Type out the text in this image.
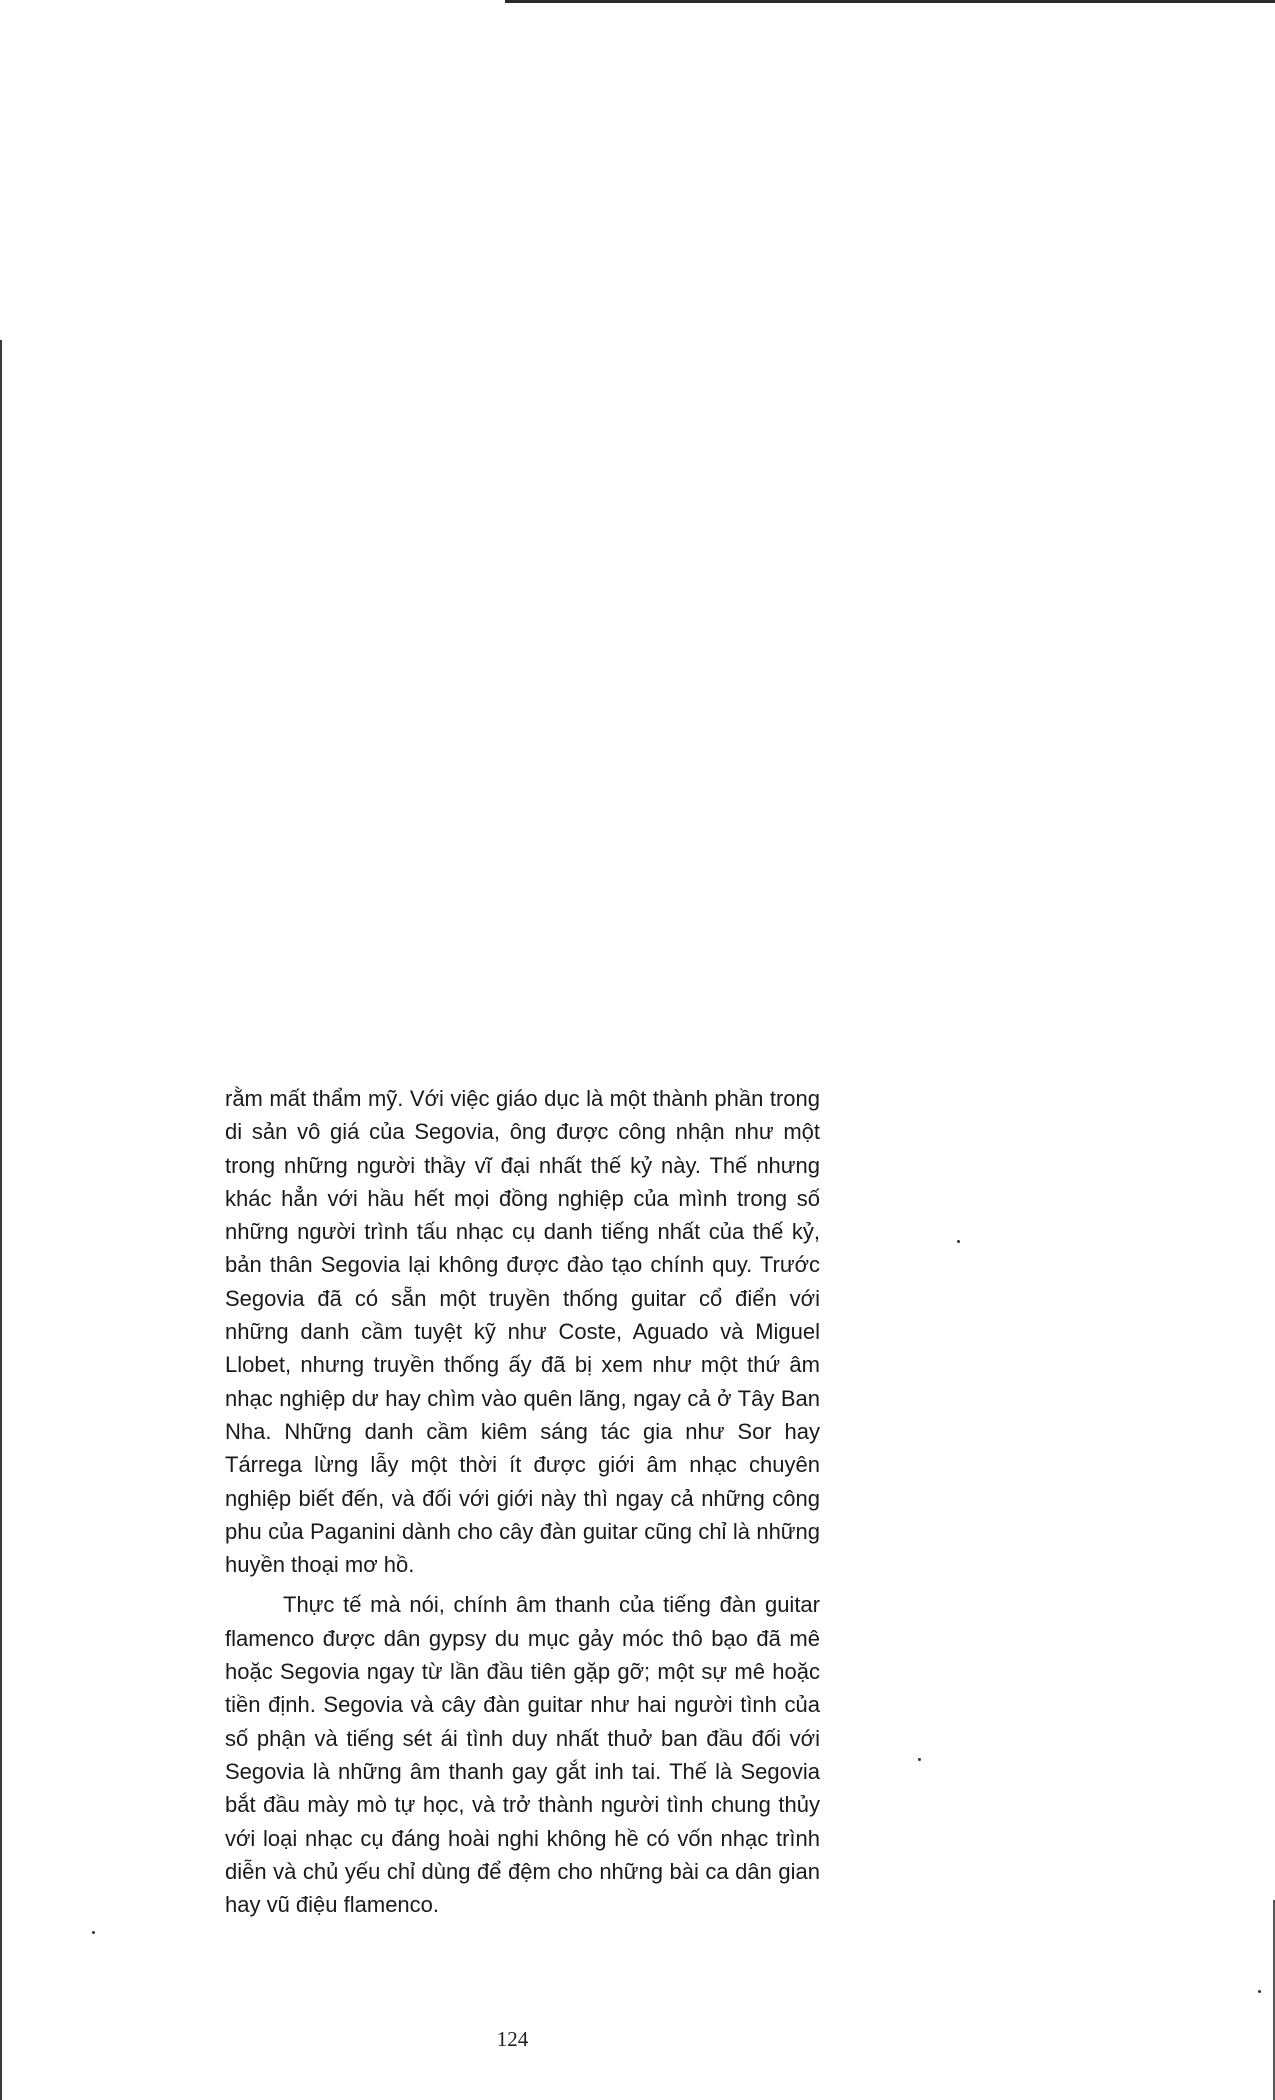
rằm mất thẩm mỹ. Với việc giáo dục là một thành phần trong di sản vô giá của Segovia, ông được công nhận như một trong những người thầy vĩ đại nhất thế kỷ này. Thế nhưng khác hẳn với hầu hết mọi đồng nghiệp của mình trong số những người trình tấu nhạc cụ danh tiếng nhất của thế kỷ, bản thân Segovia lại không được đào tạo chính quy. Trước Segovia đã có sẵn một truyền thống guitar cổ điển với những danh cầm tuyệt kỹ như Coste, Aguado và Miguel Llobet, nhưng truyền thống ấy đã bị xem như một thứ âm nhạc nghiệp dư hay chìm vào quên lãng, ngay cả ở Tây Ban Nha. Những danh cầm kiêm sáng tác gia như Sor hay Tárrega lừng lẫy một thời ít được giới âm nhạc chuyên nghiệp biết đến, và đối với giới này thì ngay cả những công phu của Paganini dành cho cây đàn guitar cũng chỉ là những huyền thoại mơ hồ.

Thực tế mà nói, chính âm thanh của tiếng đàn guitar flamenco được dân gypsy du mục gảy móc thô bạo đã mê hoặc Segovia ngay từ lần đầu tiên gặp gỡ; một sự mê hoặc tiền định. Segovia và cây đàn guitar như hai người tình của số phận và tiếng sét ái tình duy nhất thuở ban đầu đối với Segovia là những âm thanh gay gắt inh tai. Thế là Segovia bắt đầu mày mò tự học, và trở thành người tình chung thủy với loại nhạc cụ đáng hoài nghi không hề có vốn nhạc trình diễn và chủ yếu chỉ dùng để đệm cho những bài ca dân gian hay vũ điệu flamenco.

124
